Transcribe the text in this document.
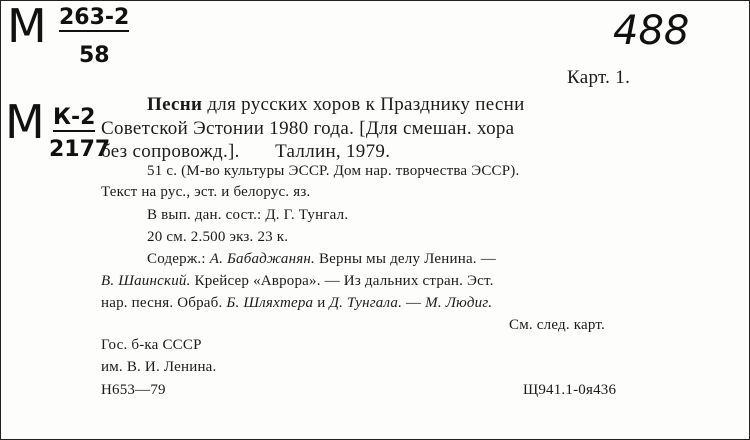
М 263-2
58
М К-2
2177
488
Карт. 1.
Песни для русских хоров к Празднику песни
Советской Эстонии 1980 года. [Для смешан. хора
без сопровожд.].       Таллин, 1979.
51 с. (М-во культуры ЭССР. Дом нар. творчества ЭССР).
Текст на рус., эст. и белорус. яз.
В вып. дан. сост.: Д. Г. Тунгал.
20 см. 2.500 экз. 23 к.
Содерж.: А. Бабаджанян. Верны мы делу Ленина. —
В. Шаинский. Крейсер «Аврора». — Из дальних стран. Эст.
нар. песня. Обраб. Б. Шляхтера и Д. Тунгала. — М. Людиг.
См. след. карт.
Гос. б-ка СССР
им. В. И. Ленина.
Н653—79	Щ941.1-0я436
